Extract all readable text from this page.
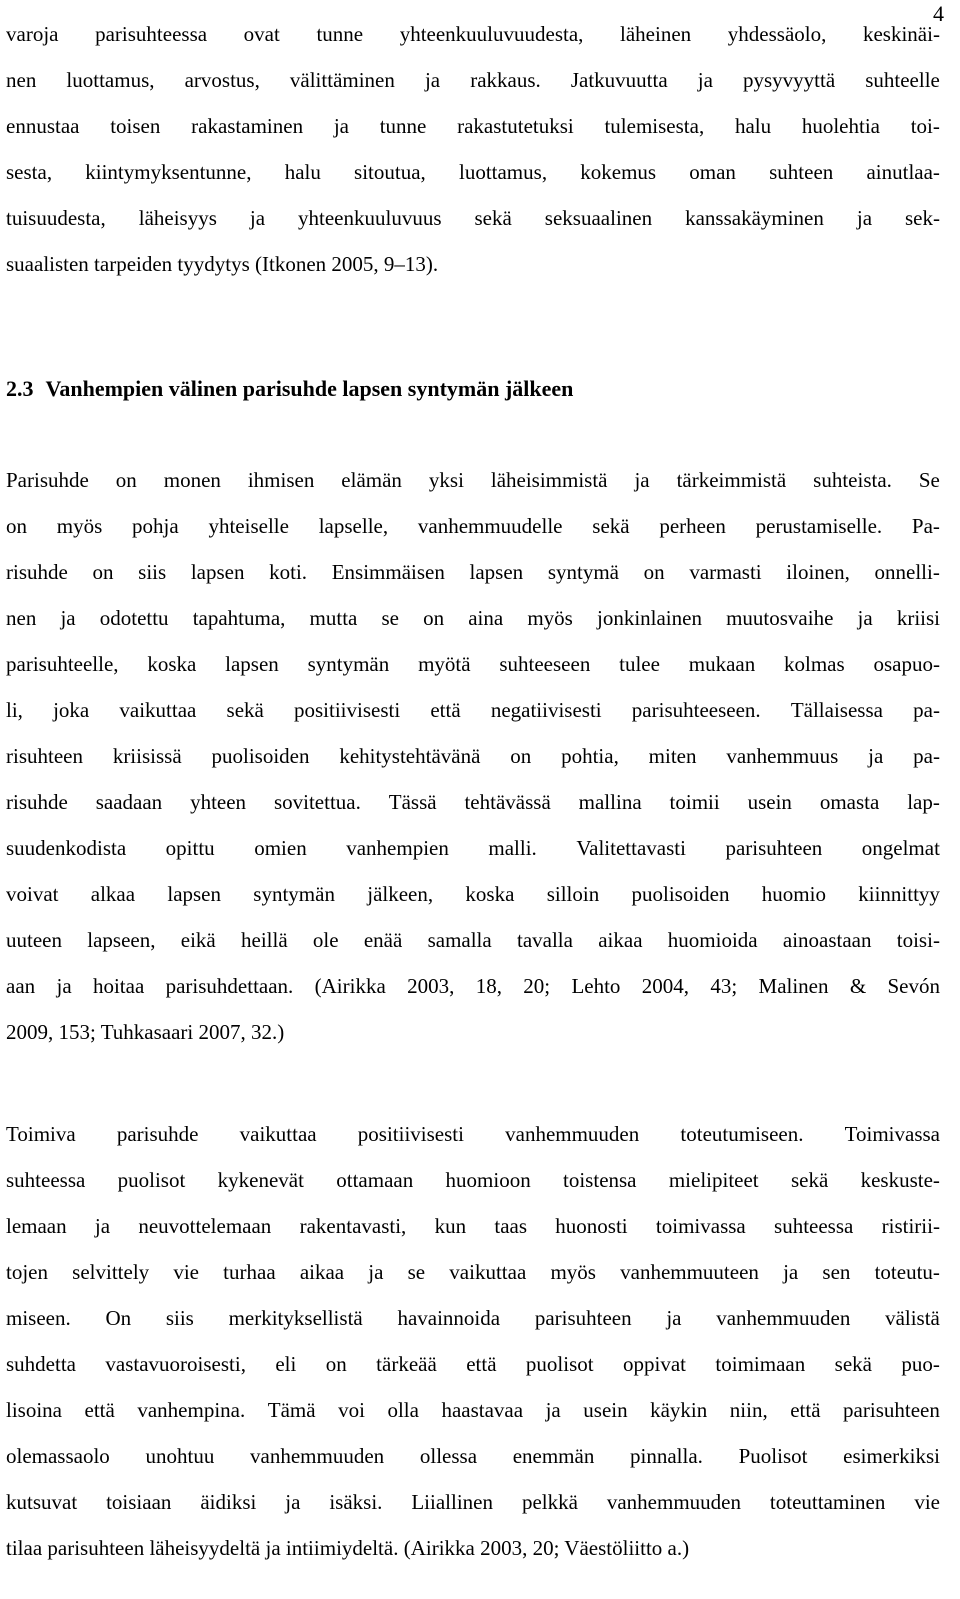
4
varoja parisuhteessa ovat tunne yhteenkuuluvuudesta, läheinen yhdessäolo, keskinäi-
nen luottamus, arvostus, välittäminen ja rakkaus. Jatkuvuutta ja pysyvyyttä suhteelle
ennustaa toisen rakastaminen ja tunne rakastutetuksi tulemisesta, halu huolehtia toi-
sesta, kiintymyksentunne, halu sitoutua, luottamus, kokemus oman suhteen ainutlaa-
tuisuudesta, läheisyys ja yhteenkuuluvuus sekä seksuaalinen kanssakäyminen ja sek-
suaalisten tarpeiden tyydytys (Itkonen 2005, 9–13).
2.3 Vanhempien välinen parisuhde lapsen syntymän jälkeen
Parisuhde on monen ihmisen elämän yksi läheisimmistä ja tärkeimmistä suhteista. Se
on myös pohja yhteiselle lapselle, vanhemmuudelle sekä perheen perustamiselle. Pa-
risuhde on siis lapsen koti. Ensimmäisen lapsen syntymä on varmasti iloinen, onnelli-
nen ja odotettu tapahtuma, mutta se on aina myös jonkinlainen muutosvaihe ja kriisi
parisuhteelle, koska lapsen syntymän myötä suhteeseen tulee mukaan kolmas osapuo-
li, joka vaikuttaa sekä positiivisesti että negatiivisesti parisuhteeseen. Tällaisessa pa-
risuhteen kriisissä puolisoiden kehitystehtävänä on pohtia, miten vanhemmuus ja pa-
risuhde saadaan yhteen sovitettua. Tässä tehtävässä mallina toimii usein omasta lap-
suudenkodista opittu omien vanhempien malli. Valitettavasti parisuhteen ongelmat
voivat alkaa lapsen syntymän jälkeen, koska silloin puolisoiden huomio kiinnittyy
uuteen lapseen, eikä heillä ole enää samalla tavalla aikaa huomioida ainoastaan toisi-
aan ja hoitaa parisuhdettaan. (Airikka 2003, 18, 20; Lehto 2004, 43; Malinen & Sevón
2009, 153; Tuhkasaari 2007, 32.)
Toimiva parisuhde vaikuttaa positiivisesti vanhemmuuden toteutumiseen. Toimivassa
suhteessa puolisot kykenevät ottamaan huomioon toistensa mielipiteet sekä keskuste-
lemaan ja neuvottelemaan rakentavasti, kun taas huonosti toimivassa suhteessa ristirii-
tojen selvittely vie turhaa aikaa ja se vaikuttaa myös vanhemmuuteen ja sen toteutu-
miseen. On siis merkityksellistä havainnoida parisuhteen ja vanhemmuuden välistä
suhdetta vastavuoroisesti, eli on tärkeää että puolisot oppivat toimimaan sekä puo-
lisoina että vanhempina. Tämä voi olla haastavaa ja usein käykin niin, että parisuhteen
olemassaolo unohtuu vanhemmuuden ollessa enemmän pinnalla. Puolisot esimerkiksi
kutsuvat toisiaan äidiksi ja isäksi. Liiallinen pelkkä vanhemmuuden toteuttaminen vie
tilaa parisuhteen läheisyydeltä ja intiimiydeltä. (Airikka 2003, 20; Väestöliitto a.)
